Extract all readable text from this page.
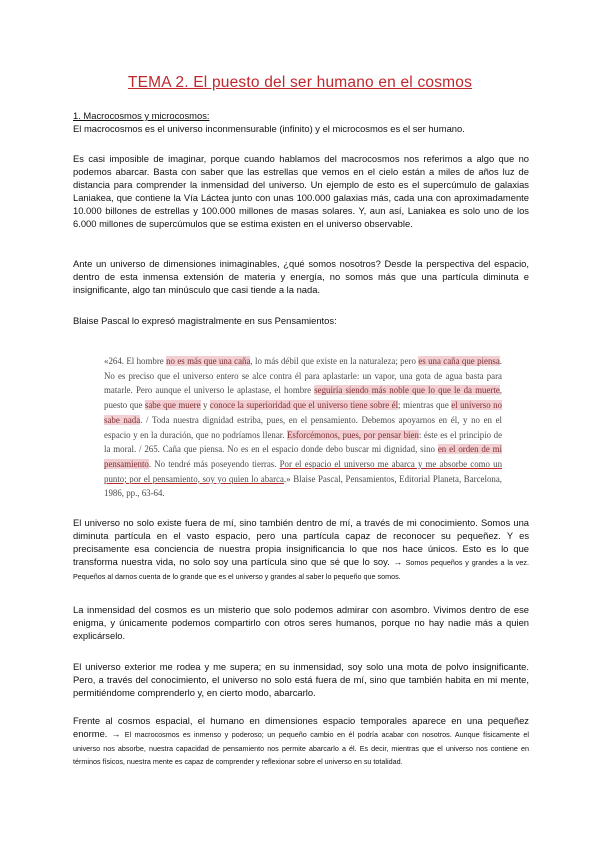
TEMA 2. El puesto del ser humano en el cosmos
1. Macrocosmos y microcosmos:
El macrocosmos es el universo inconmensurable (infinito) y el microcosmos es el ser humano.
Es casi imposible de imaginar, porque cuando hablamos del macrocosmos nos referimos a algo que no podemos abarcar. Basta con saber que las estrellas que vemos en el cielo están a miles de años luz de distancia para comprender la inmensidad del universo. Un ejemplo de esto es el supercúmulo de galaxias Laniakea, que contiene la Vía Láctea junto con unas 100.000 galaxias más, cada una con aproximadamente 10.000 billones de estrellas y 100.000 millones de masas solares. Y, aun así, Laniakea es solo uno de los 6.000 millones de supercúmulos que se estima existen en el universo observable.
Ante un universo de dimensiones inimaginables, ¿qué somos nosotros? Desde la perspectiva del espacio, dentro de esta inmensa extensión de materia y energía, no somos más que una partícula diminuta e insignificante, algo tan minúsculo que casi tiende a la nada.
Blaise Pascal lo expresó magistralmente en sus Pensamientos:
«264. El hombre no es más que una caña, lo más débil que existe en la naturaleza; pero es una caña que piensa. No es preciso que el universo entero se alce contra él para aplastarle: un vapor, una gota de agua basta para matarle. Pero aunque el universo le aplastase, el hombre seguiría siendo más noble que lo que le da muerte, puesto que sabe que muere y conoce la superioridad que el universo tiene sobre él; mientras que el universo no sabe nada. / Toda nuestra dignidad estriba, pues, en el pensamiento. Debemos apoyarnos en él, y no en el espacio y en la duración, que no podríamos llenar. Esforcémonos, pues, por pensar bien: éste es el principio de la moral. / 265. Caña que piensa. No es en el espacio donde debo buscar mi dignidad, sino en el orden de mi pensamiento. No tendré más poseyendo tierras. Por el espacio el universo me abarca y me absorbe como un punto; por el pensamiento, soy yo quien lo abarca.» Blaise Pascal, Pensamientos, Editorial Planeta, Barcelona, 1986, pp., 63-64.
El universo no solo existe fuera de mí, sino también dentro de mí, a través de mi conocimiento. Somos una diminuta partícula en el vasto espacio, pero una partícula capaz de reconocer su pequeñez. Y es precisamente esa conciencia de nuestra propia insignificancia lo que nos hace únicos. Esto es lo que transforma nuestra vida, no solo soy una partícula sino que sé que lo soy. → Somos pequeños y grandes a la vez. Pequeños al darnos cuenta de lo grande que es el universo y grandes al saber lo pequeño que somos.
La inmensidad del cosmos es un misterio que solo podemos admirar con asombro. Vivimos dentro de ese enigma, y únicamente podemos compartirlo con otros seres humanos, porque no hay nadie más a quien explicárselo.
El universo exterior me rodea y me supera; en su inmensidad, soy solo una mota de polvo insignificante. Pero, a través del conocimiento, el universo no solo está fuera de mí, sino que también habita en mi mente, permitiéndome comprenderlo y, en cierto modo, abarcarlo.
Frente al cosmos espacial, el humano en dimensiones espacio temporales aparece en una pequeñez enorme. → El macrocosmos es inmenso y poderoso; un pequeño cambio en él podría acabar con nosotros. Aunque físicamente el universo nos absorbe, nuestra capacidad de pensamiento nos permite abarcarlo a él. Es decir, mientras que el universo nos contiene en términos físicos, nuestra mente es capaz de comprender y reflexionar sobre el universo en su totalidad.
